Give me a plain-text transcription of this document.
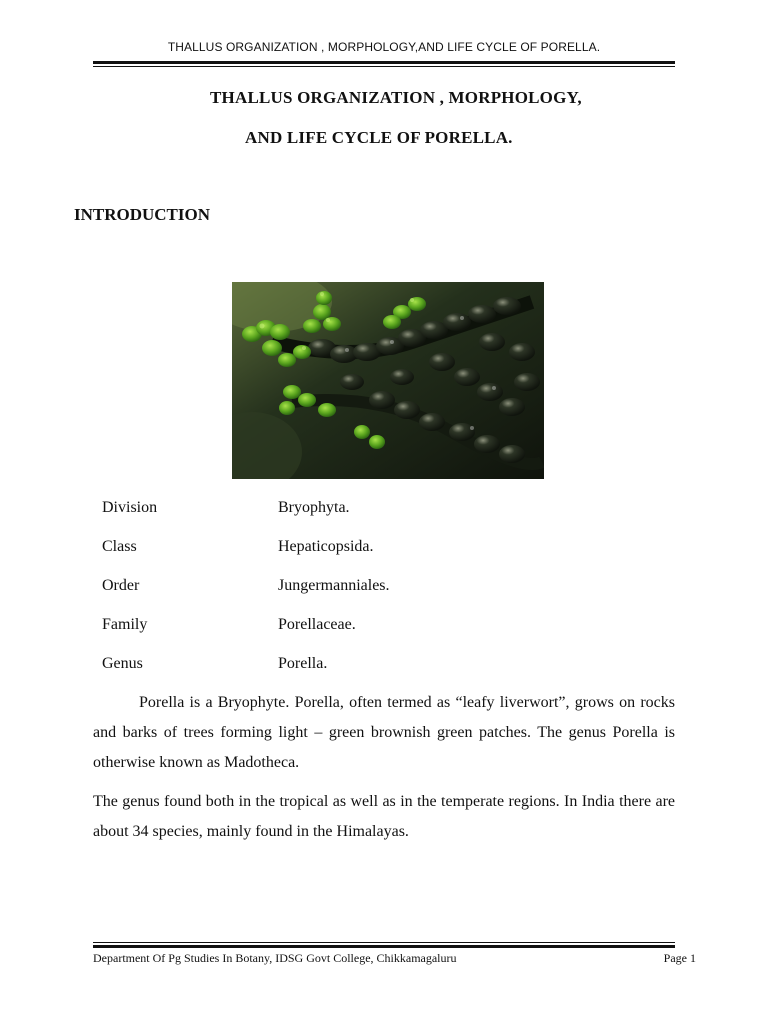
THALLUS ORGANIZATION , MORPHOLOGY,AND LIFE CYCLE OF PORELLA.
THALLUS ORGANIZATION , MORPHOLOGY,
AND LIFE CYCLE OF PORELLA.
INTRODUCTION
Division	Bryophyta.
Class	Hepaticopsida.
Order	Jungermanniales.
Family	Porellaceae.
Genus	Porella.
Porella is a Bryophyte. Porella, often termed as “leafy liverwort”, grows on rocks and barks of trees forming light – green brownish green patches. The genus Porella is otherwise known as Madotheca.
The genus found both in the tropical as well as in the temperate regions. In India there are about 34 species, mainly found in the Himalayas.
Department Of Pg Studies In Botany, IDSG Govt College, Chikkamagaluru	Page 1
